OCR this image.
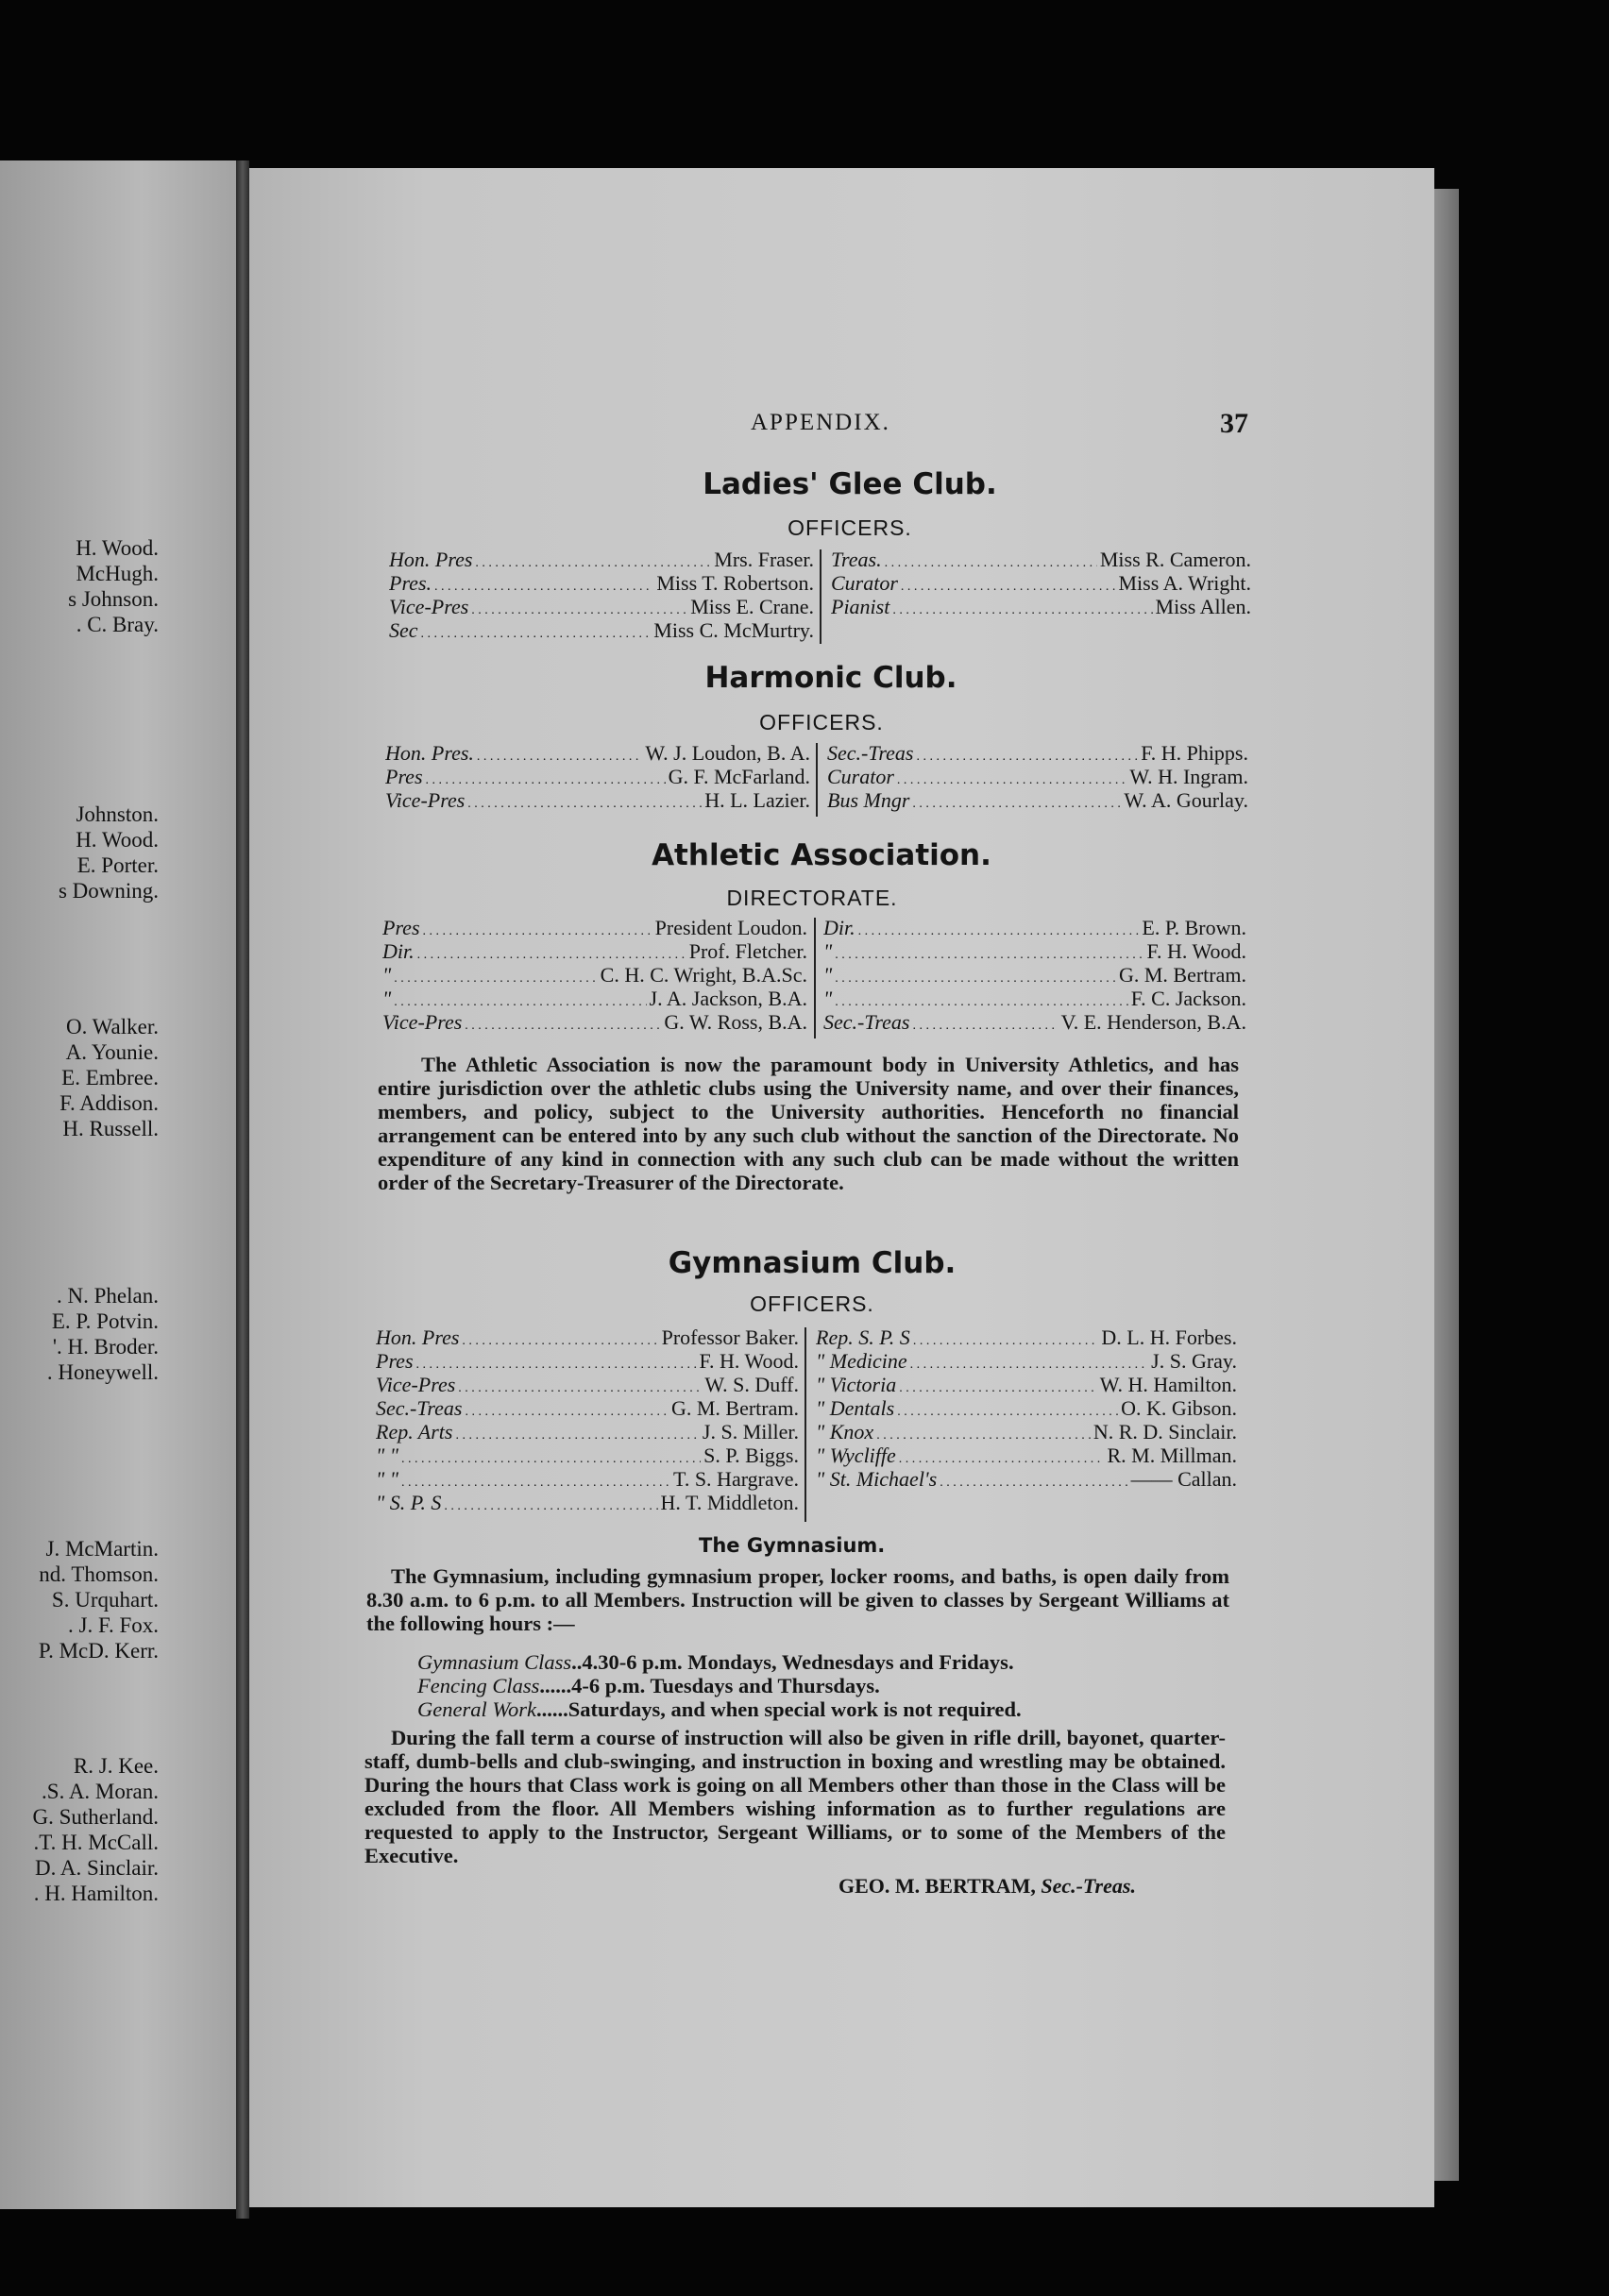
H. Wood.
McHugh.
s Johnson.
. C. Bray.
Johnston.
H. Wood.
E. Porter.
s Downing.
O. Walker.
A. Younie.
E. Embree.
F. Addison.
H. Russell.
. N. Phelan.
E. P. Potvin.
'. H. Broder.
. Honeywell.
J. McMartin.
nd. Thomson.
S. Urquhart.
. J. F. Fox.
P. McD. Kerr.
R. J. Kee.
.S. A. Moran.
G. Sutherland.
.T. H. McCall.
D. A. Sinclair.
. H. Hamilton.
APPENDIX.	37
Ladies' Glee Club.
OFFICERS.
Hon. Pres . . .	Mrs. Fraser.
Pres. . . .	Miss T. Robertson.
Vice-Pres . . .	Miss E. Crane.
Sec . . .	Miss C. McMurtry.
Treas. . . .	Miss R. Cameron.
Curator . . .	Miss A. Wright.
Pianist . . .	Miss Allen.
Harmonic Club.
OFFICERS.
Hon. Pres. . . .	W. J. Loudon, B. A.
Pres . . .	G. F. McFarland.
Vice-Pres . . .	H. L. Lazier.
Sec.-Treas . . .	F. H. Phipps.
Curator . . .	W. H. Ingram.
Bus Mngr . . .	W. A. Gourlay.
Athletic Association.
DIRECTORATE.
Pres . . .	President Loudon.
Dir. . . .	Prof. Fletcher.
" . . .	C. H. C. Wright, B.A.Sc.
" . . .	J. A. Jackson, B.A.
Vice-Pres . . .	G. W. Ross, B.A.
Dir. . . .	E. P. Brown.
" . . .	F. H. Wood.
" . . .	G. M. Bertram.
" . . .	F. C. Jackson.
Sec.-Treas . . .	V. E. Henderson, B.A.
The Athletic Association is now the paramount body in University Athletics, and has entire jurisdiction over the athletic clubs using the University name, and over their finances, members, and policy, subject to the University authorities. Henceforth no financial arrangement can be entered into by any such club without the sanction of the Directorate. No expenditure of any kind in connection with any such club can be made without the written order of the Secretary-Treasurer of the Directorate.
Gymnasium Club.
OFFICERS.
Hon. Pres . . .	Professor Baker.
Pres . . .	F. H. Wood.
Vice-Pres . . .	W. S. Duff.
Sec.-Treas . . .	G. M. Bertram.
Rep. Arts . . .	J. S. Miller.
" " . . .	S. P. Biggs.
" " . . .	T. S. Hargrave.
" S. P. S . . .	H. T. Middleton.
Rep. S. P. S . . .	D. L. H. Forbes.
" Medicine . . .	J. S. Gray.
" Victoria . . .	W. H. Hamilton.
" Dentals . . .	O. K. Gibson.
" Knox . . .	N. R. D. Sinclair.
" Wycliffe . . .	R. M. Millman.
" St. Michael's . . .	—— Callan.
The Gymnasium.
The Gymnasium, including gymnasium proper, locker rooms, and baths, is open daily from 8.30 a.m. to 6 p.m. to all Members. Instruction will be given to classes by Sergeant Williams at the following hours :—
Gymnasium Class..4.30-6 p.m. Mondays, Wednesdays and Fridays.
Fencing Class......4-6 p.m. Tuesdays and Thursdays.
General Work......Saturdays, and when special work is not required.
During the fall term a course of instruction will also be given in rifle drill, bayonet, quarter-staff, dumb-bells and club-swinging, and instruction in boxing and wrestling may be obtained. During the hours that Class work is going on all Members other than those in the Class will be excluded from the floor. All Members wishing information as to further regulations are requested to apply to the Instructor, Sergeant Williams, or to some of the Members of the Executive.
GEO. M. BERTRAM, Sec.-Treas.
